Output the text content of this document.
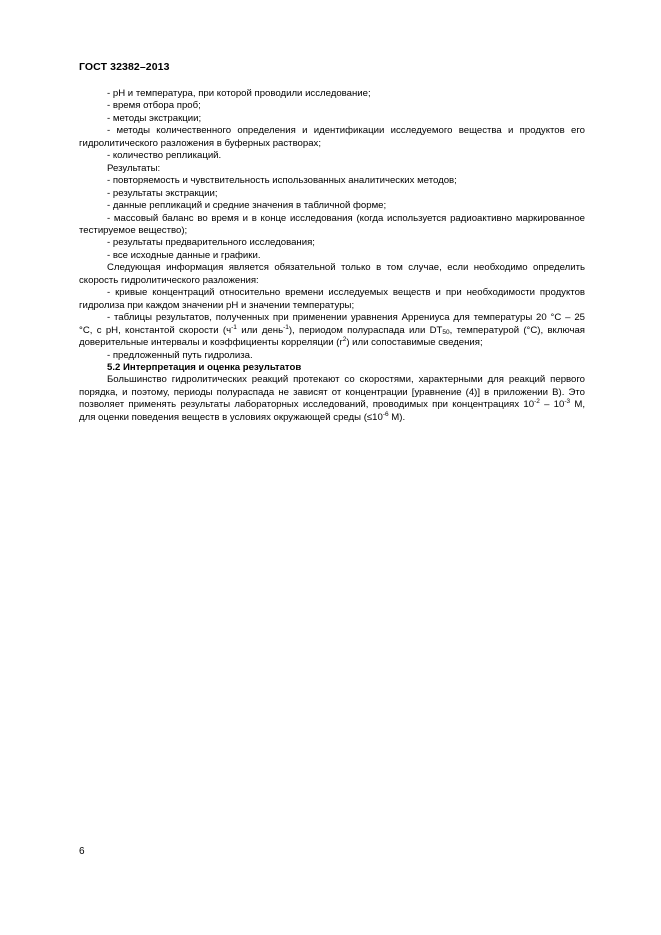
ГОСТ 32382–2013

- pH и температура, при которой проводили исследование;

- время отбора проб;

- методы экстракции;

- методы количественного определения и идентификации исследуемого вещества и продуктов его гидролитического разложения в буферных растворах;

- количество репликаций.

Результаты:

- повторяемость и чувствительность использованных аналитических методов;

- результаты экстракции;

- данные репликаций и средние значения в табличной форме;

- массовый баланс во время и в конце исследования (когда используется радиоактивно маркированное тестируемое вещество);

- результаты предварительного исследования;

- все исходные данные и графики.

Следующая информация является обязательной только в том случае, если необходимо определить скорость гидролитического разложения:

- кривые концентраций относительно времени исследуемых веществ и при необходимости продуктов гидролиза при каждом значении pH и значении температуры;

- таблицы результатов, полученных при применении уравнения Аррениуса для температуры 20 °С – 25 °С, с pH, константой скорости ($ч^{-1}$ или день$^{-1}$), периодом полураспада или $DT_{50}$, температурой (°С), включая доверительные интервалы и коэффициенты корреляции $(r^2)$ или сопоставимые сведения;

- предложенный путь гидролиза.

5.2 Интерпретация и оценка результатов

Большинство гидролитических реакций протекают со скоростями, характерными для реакций первого порядка, и поэтому, периоды полураспада не зависят от концентрации [уравнение (4)] в приложении В). Это позволяет применять результаты лабораторных исследований, проводимых при концентрациях $10^{-2} - 10^{-3}$ М, для оценки поведения веществ в условиях окружающей среды ($\le 10^{-6}$ М).

6
